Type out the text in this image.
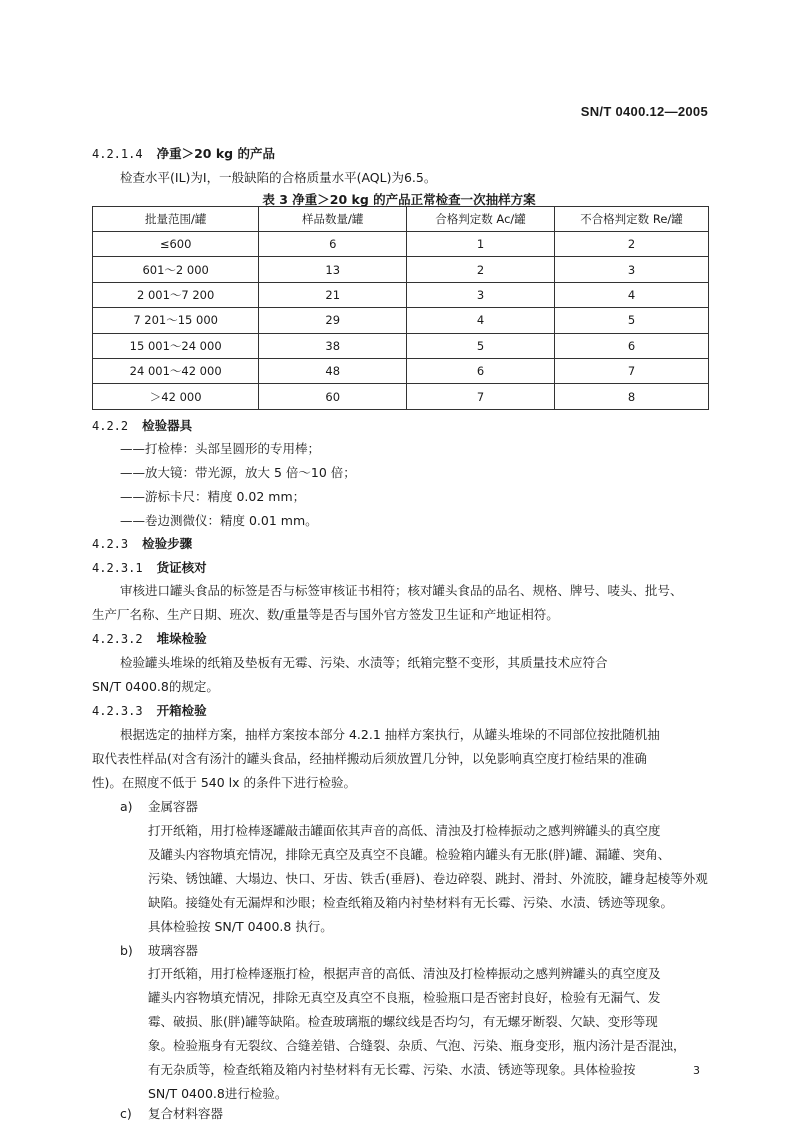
SN/T 0400.12—2005
4.2.1.4 净重＞20 kg 的产品
检查水平(IL)为Ⅰ，一般缺陷的合格质量水平(AQL)为6.5。
表 3 净重＞20 kg 的产品正常检查一次抽样方案
批量范围/罐	样品数量/罐	合格判定数 Ac/罐	不合格判定数 Re/罐
≤600	6	1	2
601～2 000	13	2	3
2 001～7 200	21	3	4
7 201～15 000	29	4	5
15 001～24 000	38	5	6
24 001～42 000	48	6	7
＞42 000	60	7	8
4.2.2 检验器具
——打检棒：头部呈圆形的专用棒；
——放大镜：带光源，放大 5 倍～10 倍；
——游标卡尺：精度 0.02 mm；
——卷边测微仪：精度 0.01 mm。
4.2.3 检验步骤
4.2.3.1 货证核对
审核进口罐头食品的标签是否与标签审核证书相符；核对罐头食品的品名、规格、牌号、唛头、批号、
生产厂名称、生产日期、班次、数/重量等是否与国外官方签发卫生证和产地证相符。
4.2.3.2 堆垛检验
检验罐头堆垛的纸箱及垫板有无霉、污染、水渍等；纸箱完整不变形，其质量技术应符合
SN/T 0400.8的规定。
4.2.3.3 开箱检验
根据选定的抽样方案，抽样方案按本部分 4.2.1 抽样方案执行，从罐头堆垛的不同部位按批随机抽
取代表性样品(对含有汤汁的罐头食品，经抽样搬动后须放置几分钟，以免影响真空度打检结果的准确
性)。在照度不低于 540 lx 的条件下进行检验。
a) 金属容器
打开纸箱，用打检棒逐罐敲击罐面依其声音的高低、清浊及打检棒振动之感判辨罐头的真空度
及罐头内容物填充情况，排除无真空及真空不良罐。检验箱内罐头有无胀(胖)罐、漏罐、突角、
污染、锈蚀罐、大塌边、快口、牙齿、铁舌(垂唇)、卷边碎裂、跳封、滑封、外流胶，罐身起棱等外观
缺陷。接缝处有无漏焊和沙眼；检查纸箱及箱内衬垫材料有无长霉、污染、水渍、锈迹等现象。
具体检验按 SN/T 0400.8 执行。
b) 玻璃容器
打开纸箱，用打检棒逐瓶打检，根据声音的高低、清浊及打检棒振动之感判辨罐头的真空度及
罐头内容物填充情况，排除无真空及真空不良瓶，检验瓶口是否密封良好，检验有无漏气、发
霉、破损、胀(胖)罐等缺陷。检查玻璃瓶的螺纹线是否均匀，有无螺牙断裂、欠缺、变形等现
象。检验瓶身有无裂纹、合缝差错、合缝裂、杂质、气泡、污染、瓶身变形，瓶内汤汁是否混浊，
有无杂质等，检查纸箱及箱内衬垫材料有无长霉、污染、水渍、锈迹等现象。具体检验按
SN/T 0400.8进行检验。
c) 复合材料容器
3
